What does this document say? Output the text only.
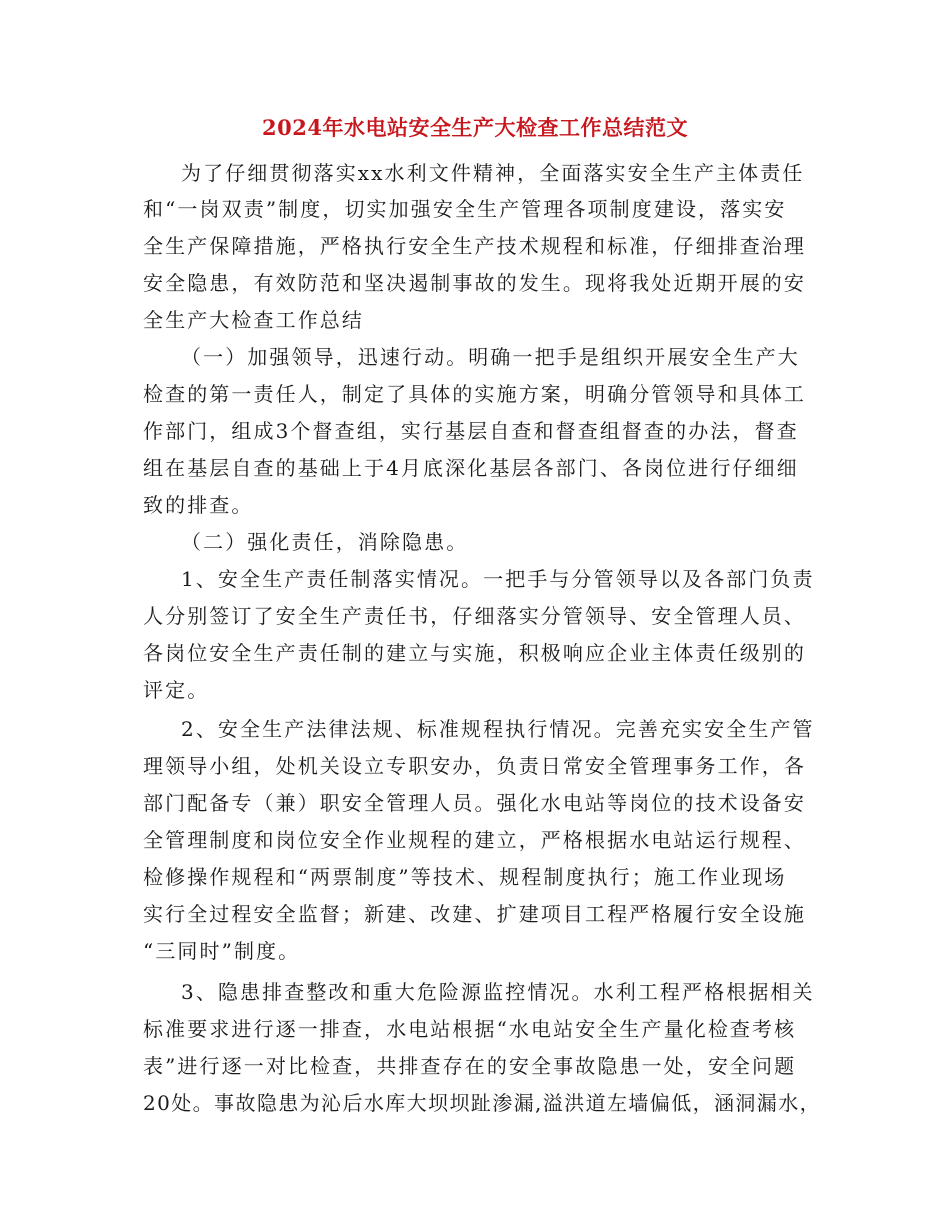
2024年水电站安全生产大检查工作总结范文
为了仔细贯彻落实xx水利文件精神，全面落实安全生产主体责任
和“一岗双责”制度，切实加强安全生产管理各项制度建设，落实安
全生产保障措施，严格执行安全生产技术规程和标准，仔细排查治理
安全隐患，有效防范和坚决遏制事故的发生。现将我处近期开展的安
全生产大检查工作总结
（一）加强领导，迅速行动。明确一把手是组织开展安全生产大
检查的第一责任人，制定了具体的实施方案，明确分管领导和具体工
作部门，组成3个督查组，实行基层自查和督查组督查的办法，督查
组在基层自查的基础上于4月底深化基层各部门、各岗位进行仔细细
致的排查。
（二）强化责任，消除隐患。
1、安全生产责任制落实情况。一把手与分管领导以及各部门负责
人分别签订了安全生产责任书，仔细落实分管领导、安全管理人员、
各岗位安全生产责任制的建立与实施，积极响应企业主体责任级别的
评定。
2、安全生产法律法规、标准规程执行情况。完善充实安全生产管
理领导小组，处机关设立专职安办，负责日常安全管理事务工作，各
部门配备专（兼）职安全管理人员。强化水电站等岗位的技术设备安
全管理制度和岗位安全作业规程的建立，严格根据水电站运行规程、
检修操作规程和“两票制度”等技术、规程制度执行；施工作业现场
实行全过程安全监督；新建、改建、扩建项目工程严格履行安全设施
“三同时”制度。
3、隐患排查整改和重大危险源监控情况。水利工程严格根据相关
标准要求进行逐一排查，水电站根据“水电站安全生产量化检查考核
表”进行逐一对比检查，共排查存在的安全事故隐患一处，安全问题
20处。事故隐患为沁后水库大坝坝趾渗漏,溢洪道左墙偏低，涵洞漏水，
